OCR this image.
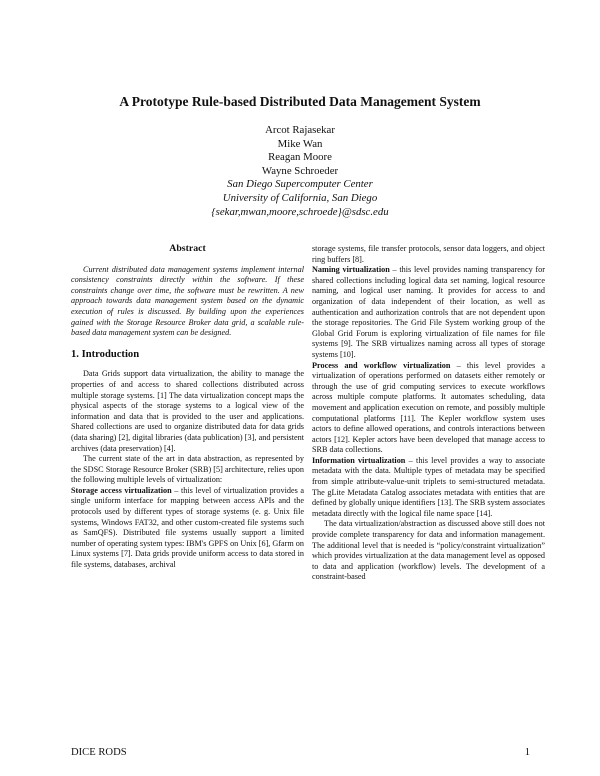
A Prototype Rule-based Distributed Data Management System
Arcot Rajasekar
Mike Wan
Reagan Moore
Wayne Schroeder
San Diego Supercomputer Center
University of California, San Diego
{sekar,mwan,moore,schroede}@sdsc.edu
Abstract

Current distributed data management systems implement internal consistency constraints directly within the software. If these constraints change over time, the software must be rewritten. A new approach towards data management system based on the dynamic execution of rules is discussed. By building upon the experiences gained with the Storage Resource Broker data grid, a scalable rule-based data management system can be designed.

1. Introduction

Data Grids support data virtualization, the ability to manage the properties of and access to shared collections distributed across multiple storage systems. [1] The data virtualization concept maps the physical aspects of the storage systems to a logical view of the information and data that is provided to the user and applications. Shared collections are used to organize distributed data for data grids (data sharing) [2], digital libraries (data publication) [3], and persistent archives (data preservation) [4].

The current state of the art in data abstraction, as represented by the SDSC Storage Resource Broker (SRB) [5] architecture, relies upon the following multiple levels of virtualization:

Storage access virtualization – this level of virtualization provides a single uniform interface for mapping between access APIs and the protocols used by different types of storage systems (e. g. Unix file systems, Windows FAT32, and other custom-created file systems such as SamQFS). Distributed file systems usually support a limited number of operating system types: IBM's GPFS on Unix [6], Gfarm on Linux systems [7]. Data grids provide uniform access to data stored in file systems, databases, archival

storage systems, file transfer protocols, sensor data loggers, and object ring buffers [8].

Naming virtualization – this level provides naming transparency for shared collections including logical data set naming, logical resource naming, and logical user naming. It provides for access to and organization of data independent of their location, as well as authentication and authorization controls that are not dependent upon the storage repositories. The Grid File System working group of the Global Grid Forum is exploring virtualization of file names for file systems [9]. The SRB virtualizes naming across all types of storage systems [10].

Process and workflow virtualization – this level provides a virtualization of operations performed on datasets either remotely or through the use of grid computing services to execute workflows across multiple compute platforms. It automates scheduling, data movement and application execution on remote, and possibly multiple computational platforms [11]. The Kepler workflow system uses actors to define allowed operations, and controls interactions between actors [12]. Kepler actors have been developed that manage access to SRB data collections.

Information virtualization – this level provides a way to associate metadata with the data. Multiple types of metadata may be specified from simple attribute-value-unit triplets to semi-structured metadata. The gLite Metadata Catalog associates metadata with entities that are defined by globally unique identifiers [13]. The SRB system associates metadata directly with the logical file name space [14].

The data virtualization/abstraction as discussed above still does not provide complete transparency for data and information management. The additional level that is needed is “policy/constraint virtualization” which provides virtualization at the data management level as opposed to data and application (workflow) levels. The development of a constraint-based

DICE RODS	1
